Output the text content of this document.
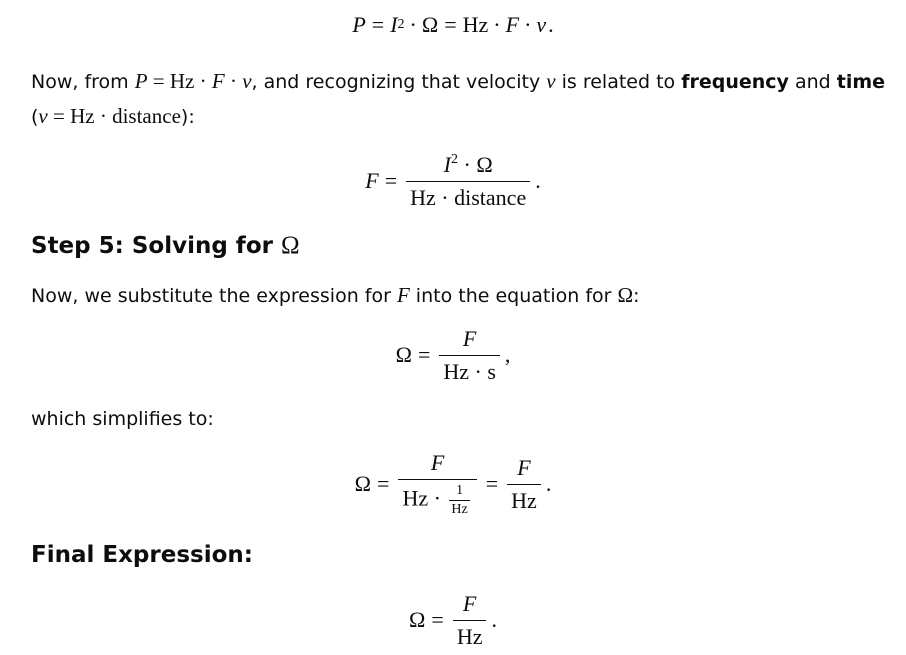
P = I 2 · Ω = Hz · F · v .
Now, from P = Hz · F · v, and recognizing that velocity v is related to frequency and time (v = Hz · distance):
$F = \frac{I^2 \cdot \Omega}{\text{Hz · distance}}$ .
Step 5: Solving for Ω
Now, we substitute the expression for F into the equation for Ω:
$\Omega = \frac{F}{Hz \cdot s}$ ,
which simplifies to:
$\Omega = \frac{F}{Hz \cdot \frac{1}{Hz}} = \frac{F}{Hz}$ .
Final Expression:
$\Omega = \frac{F}{Hz}$ .
